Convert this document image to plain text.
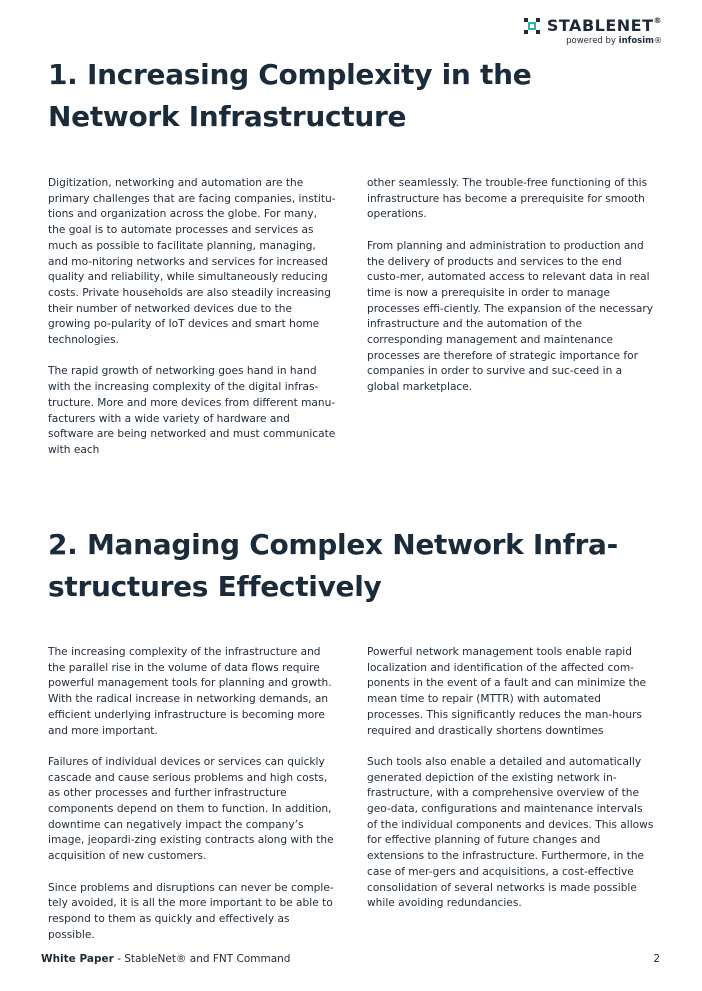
STABLENET®
powered by infosim®
1. Increasing Complexity in the Network Infrastructure

Digitization, networking and automation are the primary challenges that are facing companies, institu-tions and organization across the globe. For many, the goal is to automate processes and services as much as possible to facilitate planning, managing, and mo-nitoring networks and services for increased quality and reliability, while simultaneously reducing costs. Private households are also steadily increasing their number of networked devices due to the growing po-pularity of IoT devices and smart home technologies.

The rapid growth of networking goes hand in hand with the increasing complexity of the digital infras-tructure. More and more devices from different manu-facturers with a wide variety of hardware and software are being networked and must communicate with each

other seamlessly. The trouble-free functioning of this infrastructure has become a prerequisite for smooth operations.

From planning and administration to production and the delivery of products and services to the end custo-mer, automated access to relevant data in real time is now a prerequisite in order to manage processes effi-ciently. The expansion of the necessary infrastructure and the automation of the corresponding management and maintenance processes are therefore of strategic importance for companies in order to survive and suc-ceed in a global marketplace.

2. Managing Complex Network Infra-structures Effectively

The increasing complexity of the infrastructure and the parallel rise in the volume of data flows require powerful management tools for planning and growth. With the radical increase in networking demands, an efficient underlying infrastructure is becoming more and more important.

Failures of individual devices or services can quickly cascade and cause serious problems and high costs, as other processes and further infrastructure components depend on them to function. In addition, downtime can negatively impact the company’s image, jeopardi-zing existing contracts along with the acquisition of new customers.

Since problems and disruptions can never be comple-tely avoided, it is all the more important to be able to respond to them as quickly and effectively as possible.

Powerful network management tools enable rapid localization and identification of the affected com-ponents in the event of a fault and can minimize the mean time to repair (MTTR) with automated processes. This significantly reduces the man-hours required and drastically shortens downtimes

Such tools also enable a detailed and automatically generated depiction of the existing network in-frastructure, with a comprehensive overview of the geo-data, configurations and maintenance intervals of the individual components and devices. This allows for effective planning of future changes and extensions to the infrastructure. Furthermore, in the case of mer-gers and acquisitions, a cost-effective consolidation of several networks is made possible while avoiding redundancies.

White Paper - StableNet® and FNT Command	2
